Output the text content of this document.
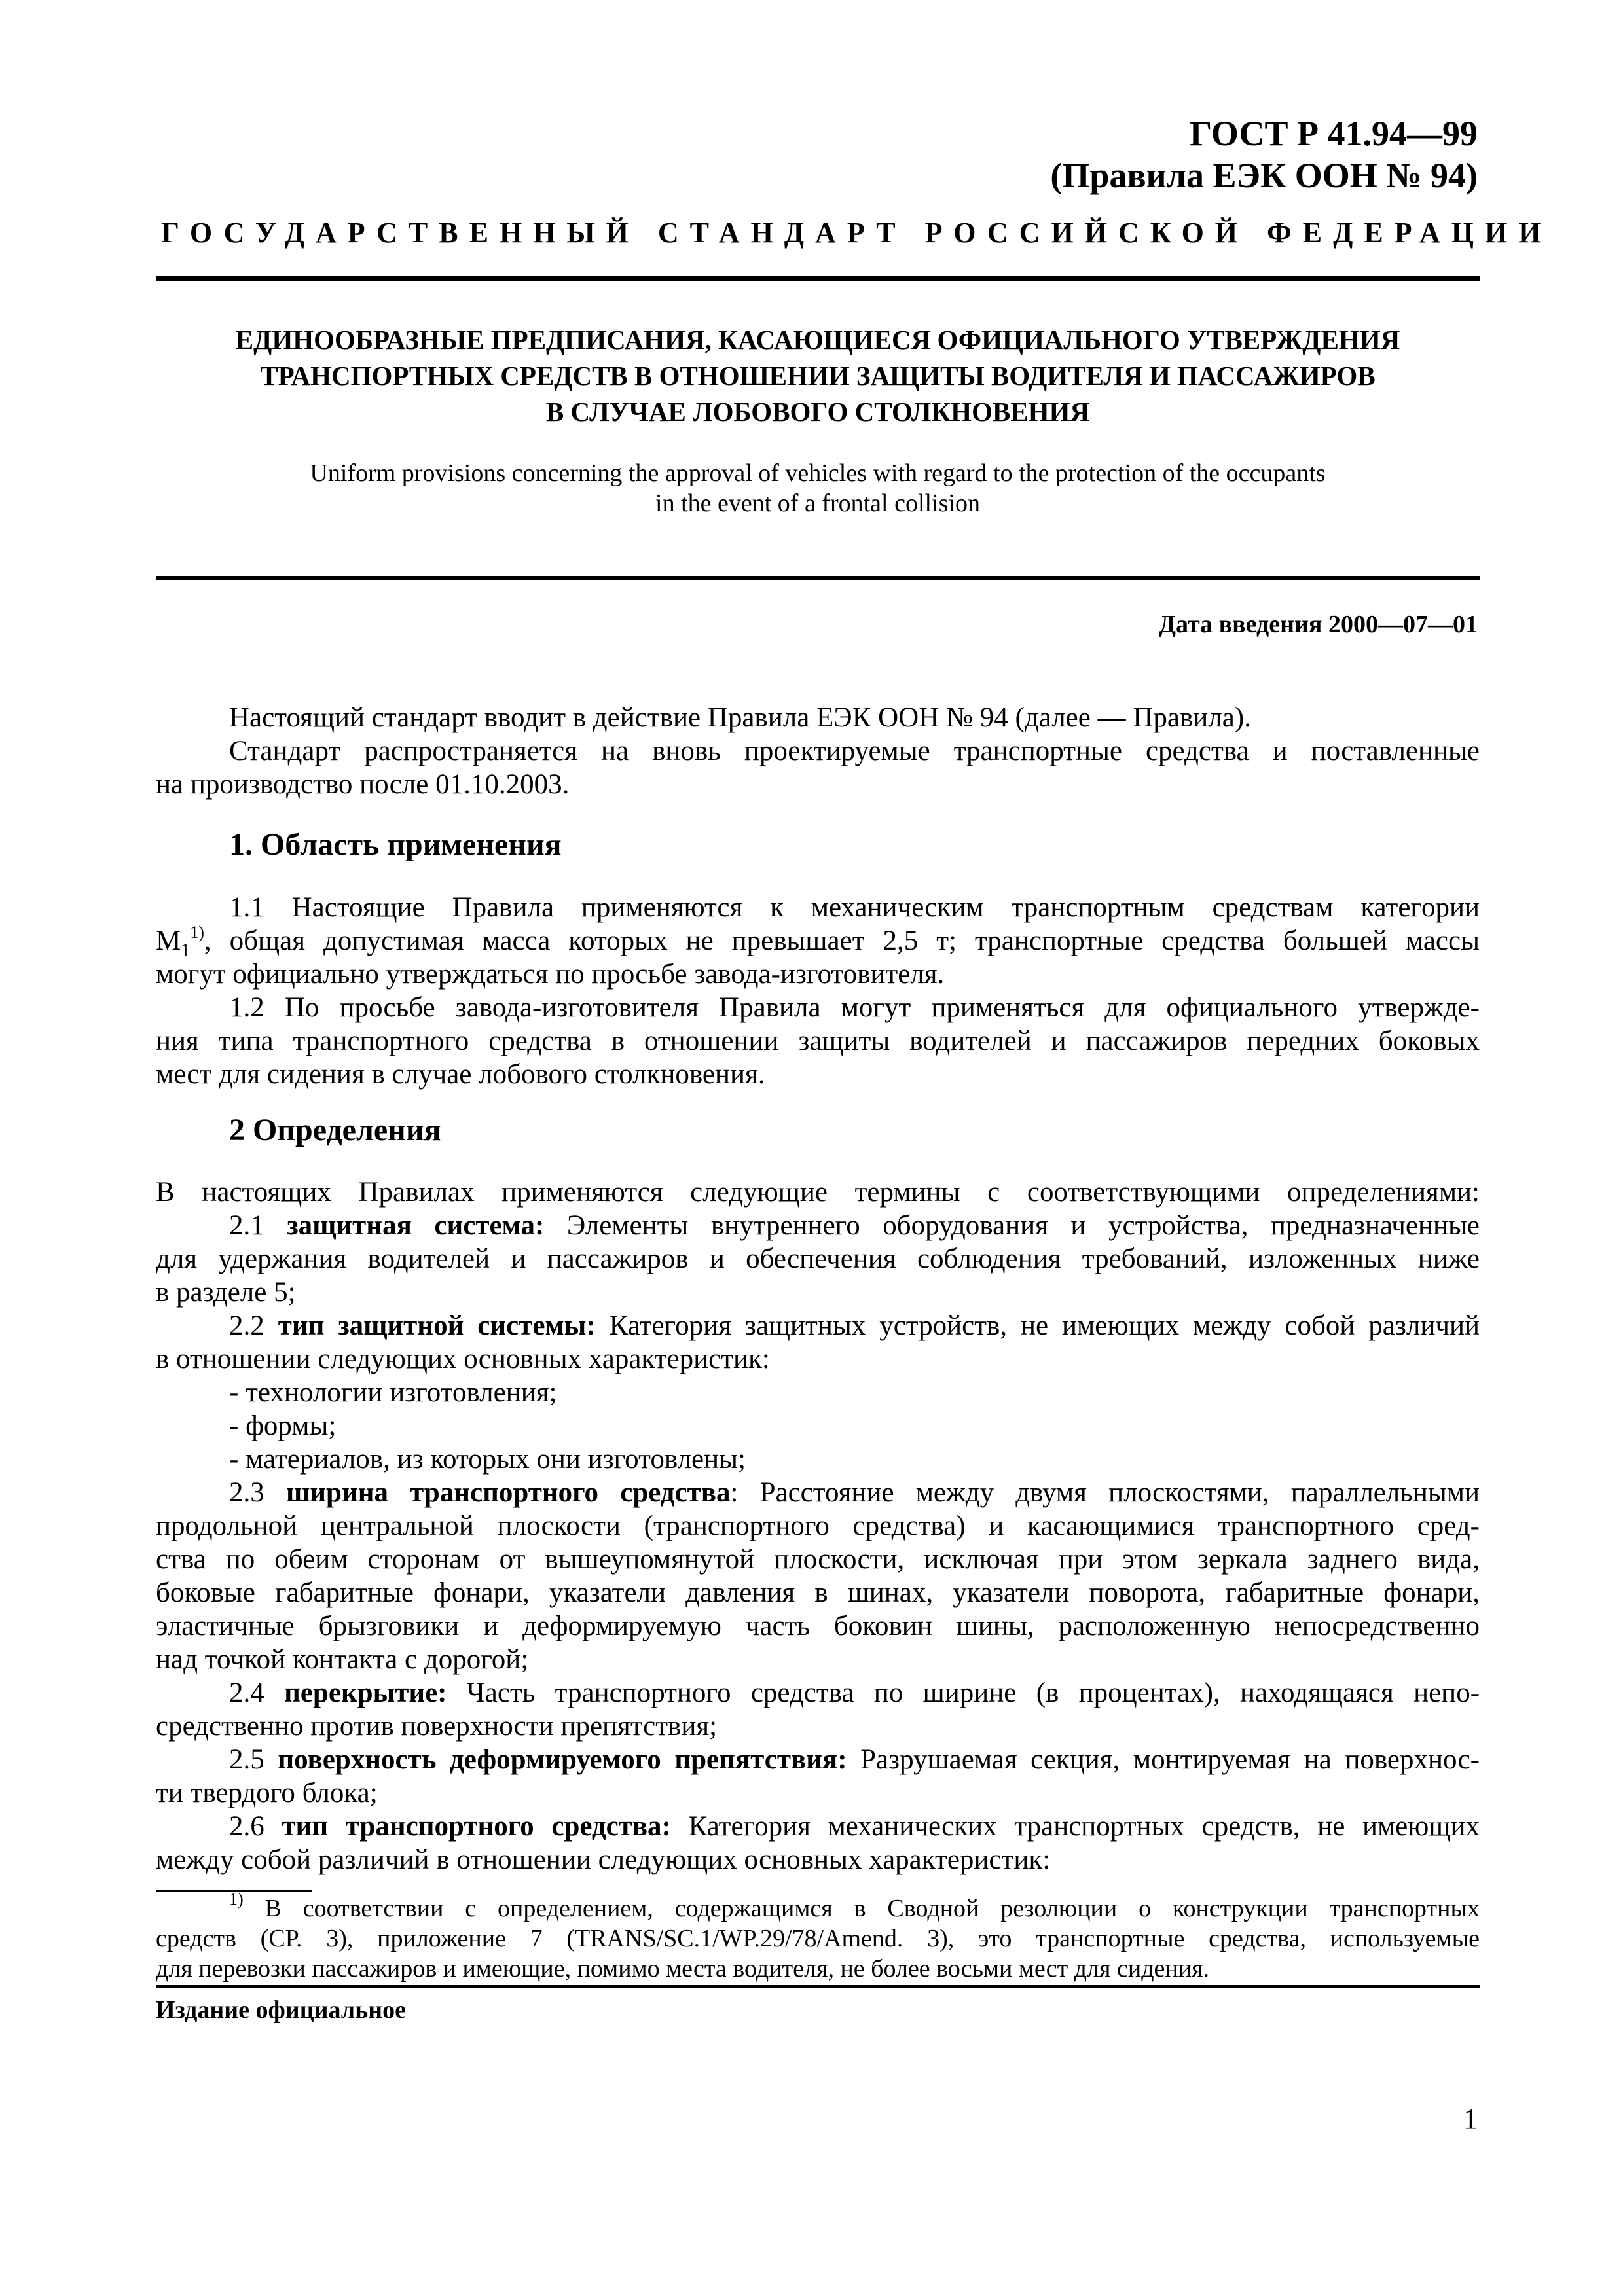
ГОСТ Р 41.94—99
(Правила ЕЭК ООН № 94)
ГОСУДАРСТВЕННЫЙ СТАНДАРТ РОССИЙСКОЙ ФЕДЕРАЦИИ
ЕДИНООБРАЗНЫЕ ПРЕДПИСАНИЯ, КАСАЮЩИЕСЯ ОФИЦИАЛЬНОГО УТВЕРЖДЕНИЯ
ТРАНСПОРТНЫХ СРЕДСТВ В ОТНОШЕНИИ ЗАЩИТЫ ВОДИТЕЛЯ И ПАССАЖИРОВ
В СЛУЧАЕ ЛОБОВОГО СТОЛКНОВЕНИЯ
Uniform provisions concerning the approval of vehicles with regard to the protection of the occupants
in the event of a frontal collision
Дата введения 2000—07—01
Настоящий стандарт вводит в действие Правила ЕЭК ООН № 94 (далее — Правила).
Стандарт распространяется на вновь проектируемые транспортные средства и поставленные
на производство после 01.10.2003.
1. Область применения
1.1 Настоящие Правила применяются к механическим транспортным средствам категории
$M_1^{1)}$, общая допустимая масса которых не превышает 2,5 т; транспортные средства большей массы
могут официально утверждаться по просьбе завода-изготовителя.
1.2 По просьбе завода-изготовителя Правила могут применяться для официального утвержде-
ния типа транспортного средства в отношении защиты водителей и пассажиров передних боковых
мест для сидения в случае лобового столкновения.
2 Определения
В настоящих Правилах применяются следующие термины с соответствующими определениями:
2.1 защитная система: Элементы внутреннего оборудования и устройства, предназначенные
для удержания водителей и пассажиров и обеспечения соблюдения требований, изложенных ниже
в разделе 5;
2.2 тип защитной системы: Категория защитных устройств, не имеющих между собой различий
в отношении следующих основных характеристик:
- технологии изготовления;
- формы;
- материалов, из которых они изготовлены;
2.3 ширина транспортного средства: Расстояние между двумя плоскостями, параллельными
продольной центральной плоскости (транспортного средства) и касающимися транспортного сред-
ства по обеим сторонам от вышеупомянутой плоскости, исключая при этом зеркала заднего вида,
боковые габаритные фонари, указатели давления в шинах, указатели поворота, габаритные фонари,
эластичные брызговики и деформируемую часть боковин шины, расположенную непосредственно
над точкой контакта с дорогой;
2.4 перекрытие: Часть транспортного средства по ширине (в процентах), находящаяся непо-
средственно против поверхности препятствия;
2.5 поверхность деформируемого препятствия: Разрушаемая секция, монтируемая на поверхнос-
ти твердого блока;
2.6 тип транспортного средства: Категория механических транспортных средств, не имеющих
между собой различий в отношении следующих основных характеристик:
$^{1)}$ В соответствии с определением, содержащимся в Сводной резолюции о конструкции транспортных
средств (СР. 3), приложение 7 (TRANS/SC.1/WP.29/78/Amend. 3), это транспортные средства, используемые
для перевозки пассажиров и имеющие, помимо места водителя, не более восьми мест для сидения.
Издание официальное
1
